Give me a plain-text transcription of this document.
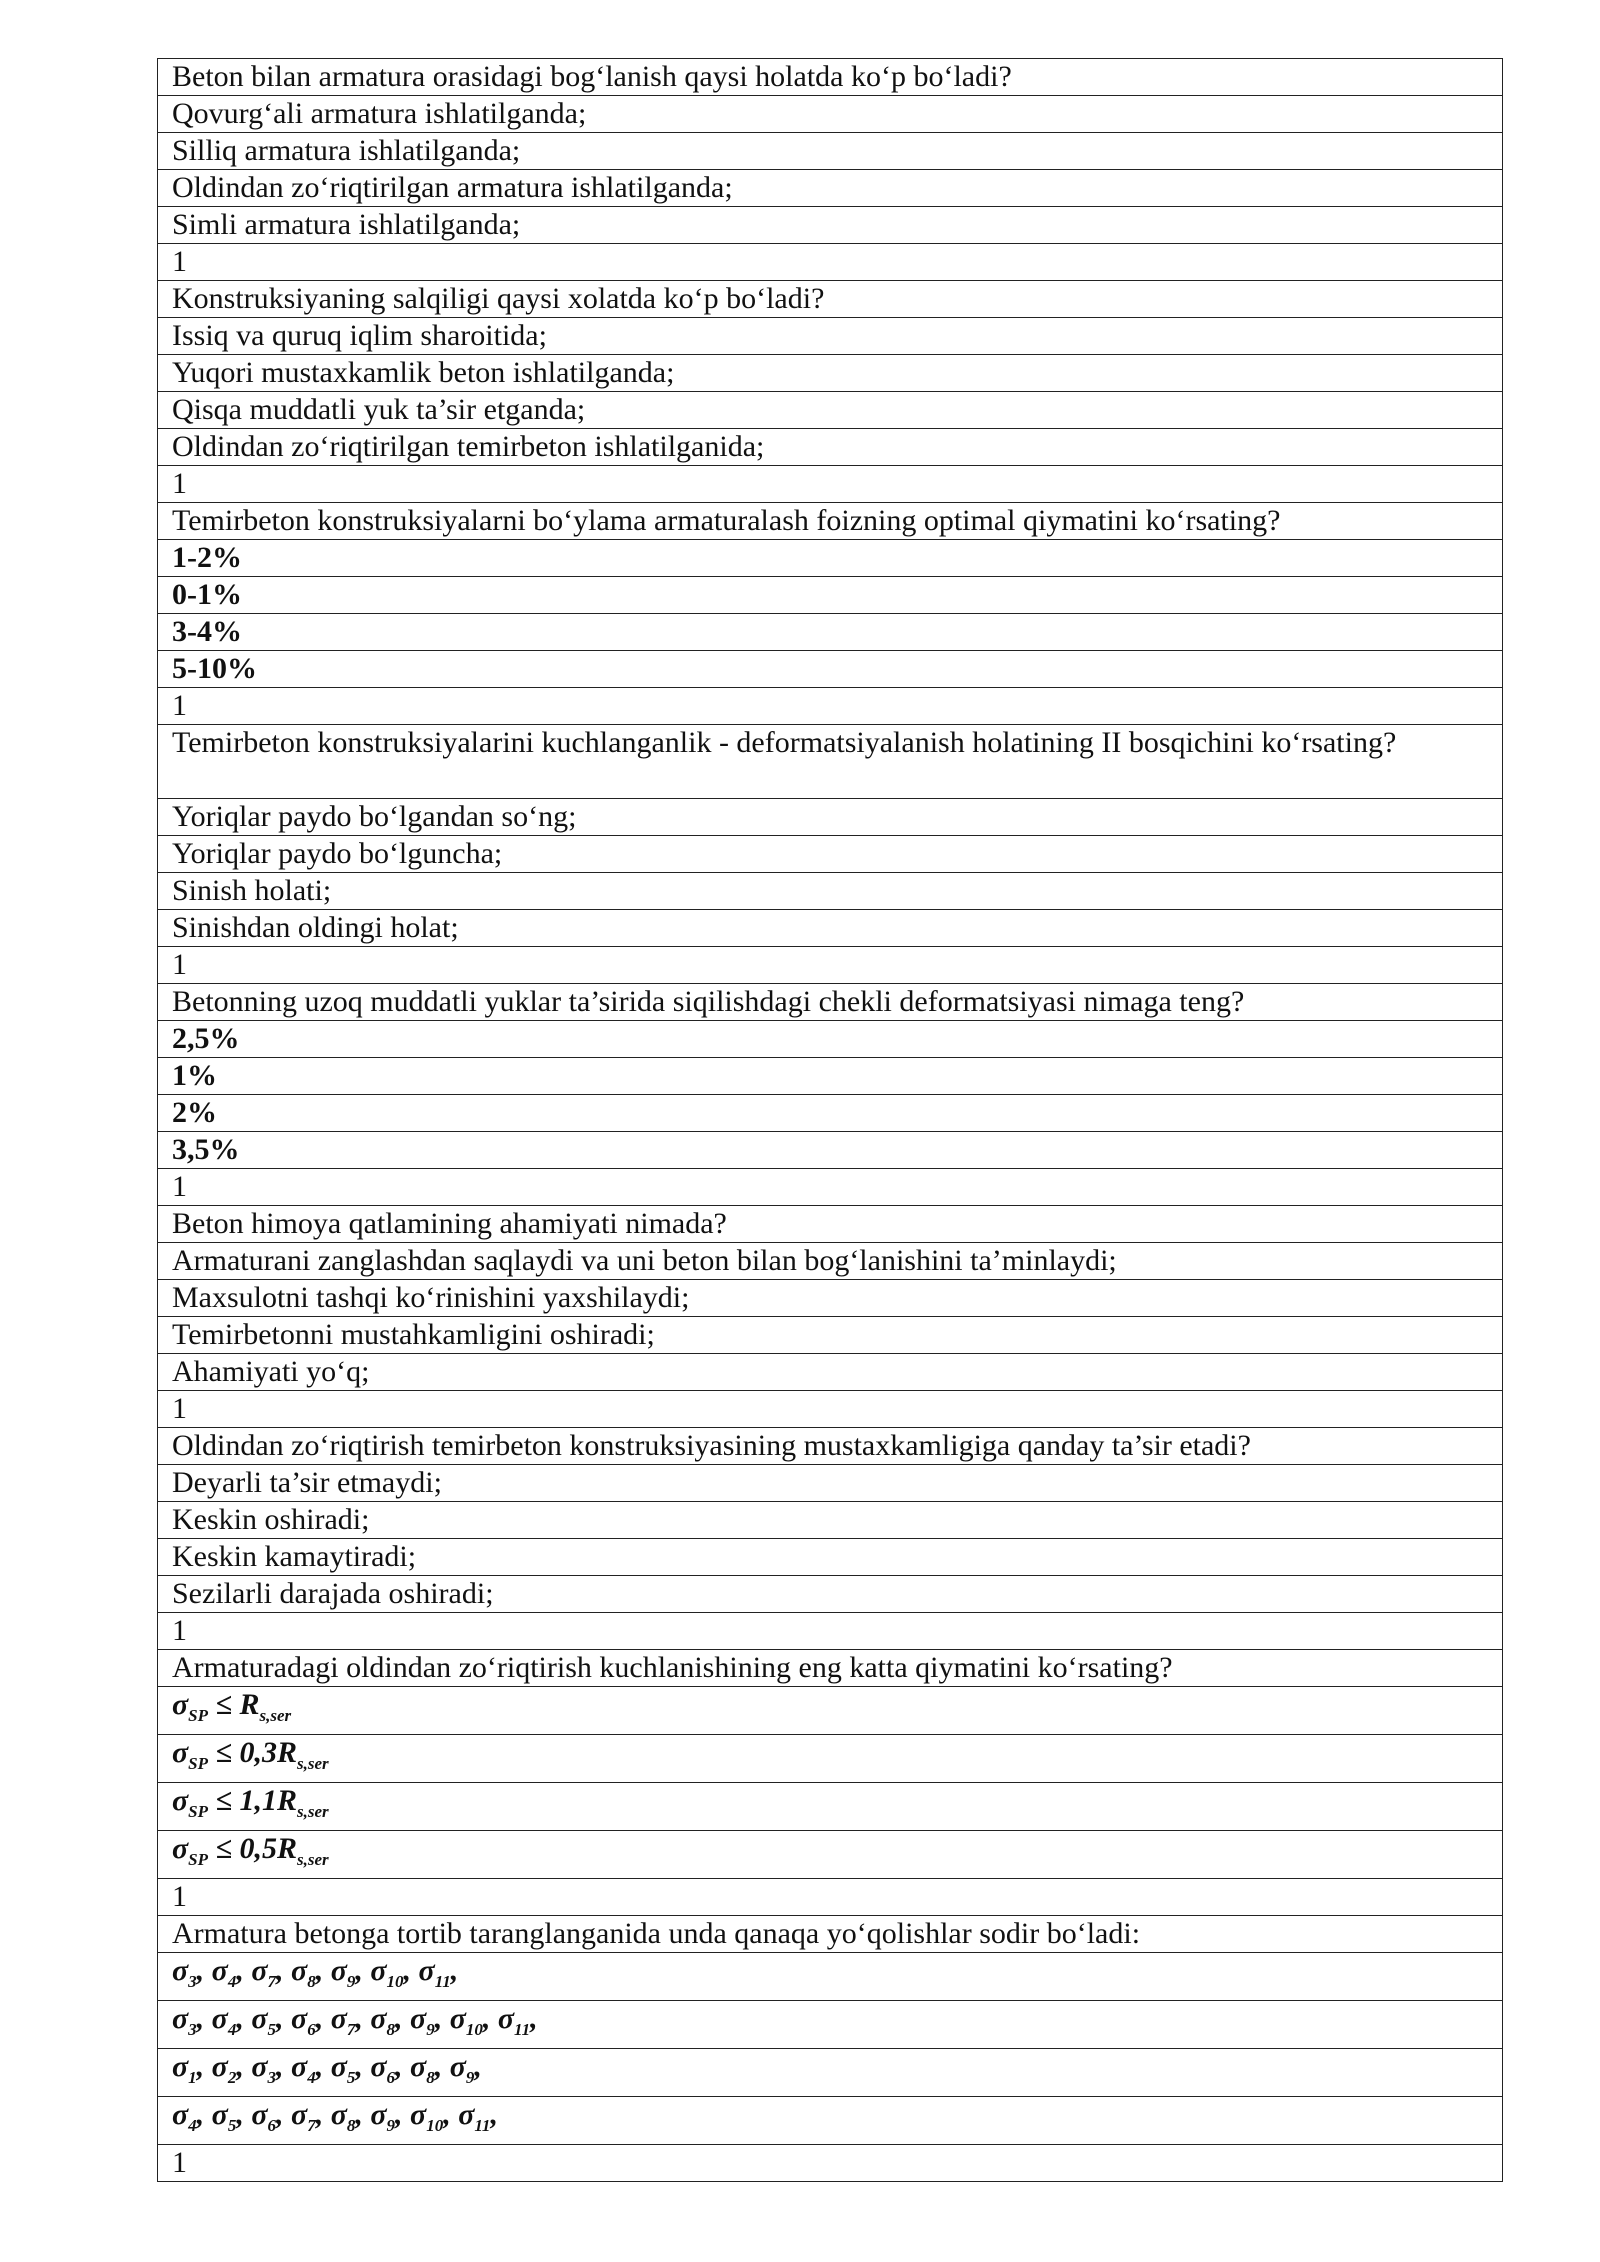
Beton bilan armatura orasidagi bog‘lanish qaysi holatda ko‘p bo‘ladi?
Qovurg‘ali armatura ishlatilganda;
Silliq armatura ishlatilganda;
Oldindan zo‘riqtirilgan armatura ishlatilganda;
Simli armatura ishlatilganda;
1
Konstruksiyaning salqiligi qaysi xolatda ko‘p bo‘ladi?
Issiq va quruq iqlim sharoitida;
Yuqori mustaxkamlik beton ishlatilganda;
Qisqa muddatli yuk ta’sir etganda;
Oldindan zo‘riqtirilgan temirbeton ishlatilganida;
1
Temirbeton konstruksiyalarni bo‘ylama armaturalash foizning optimal qiymatini ko‘rsating?
1-2%
0-1%
3-4%
5-10%
1

Temirbeton konstruksiyalarini kuchlanganlik - deformatsiyalanish holatining II bosqichini ko‘rsating?

Yoriqlar paydo bo‘lgandan so‘ng;
Yoriqlar paydo bo‘lguncha;
Sinish holati;
Sinishdan oldingi holat;
1
Betonning uzoq muddatli yuklar ta’sirida siqilishdagi chekli deformatsiyasi nimaga teng?
2,5%
1%
2%
3,5%
1
Beton himoya qatlamining ahamiyati nimada?
Armaturani zanglashdan saqlaydi va uni beton bilan bog‘lanishini ta’minlaydi;
Maxsulotni tashqi ko‘rinishini yaxshilaydi;
Temirbetonni mustahkamligini oshiradi;
Ahamiyati yo‘q;
1
Oldindan zo‘riqtirish temirbeton konstruksiyasining mustaxkamligiga qanday ta’sir etadi?
Deyarli ta’sir etmaydi;
Keskin oshiradi;
Keskin kamaytiradi;
Sezilarli darajada oshiradi;
1
Armaturadagi oldindan zo‘riqtirish kuchlanishining eng katta qiymatini ko‘rsating?
$\sigma_{SP} \le R_{s,ser}$
$\sigma_{SP} \le 0,3R_{s,ser}$
$\sigma_{SP} \le 1,1R_{s,ser}$
$\sigma_{SP} \le 0,5R_{s,ser}$
1
Armatura betonga tortib taranglanganida unda qanaqa yo‘qolishlar sodir bo‘ladi:
$\sigma_3$, $\sigma_4$, $\sigma_7$, $\sigma_8$, $\sigma_9$, $\sigma_{10}$, $\sigma_{11}$,
$\sigma_3$, $\sigma_4$, $\sigma_5$, $\sigma_6$, $\sigma_7$, $\sigma_8$, $\sigma_9$, $\sigma_{10}$, $\sigma_{11}$,
$\sigma_1$, $\sigma_2$, $\sigma_3$, $\sigma_4$, $\sigma_5$, $\sigma_6$, $\sigma_8$, $\sigma_9$,
$\sigma_4$, $\sigma_5$, $\sigma_6$, $\sigma_7$, $\sigma_8$, $\sigma_9$, $\sigma_{10}$, $\sigma_{11}$,
1
